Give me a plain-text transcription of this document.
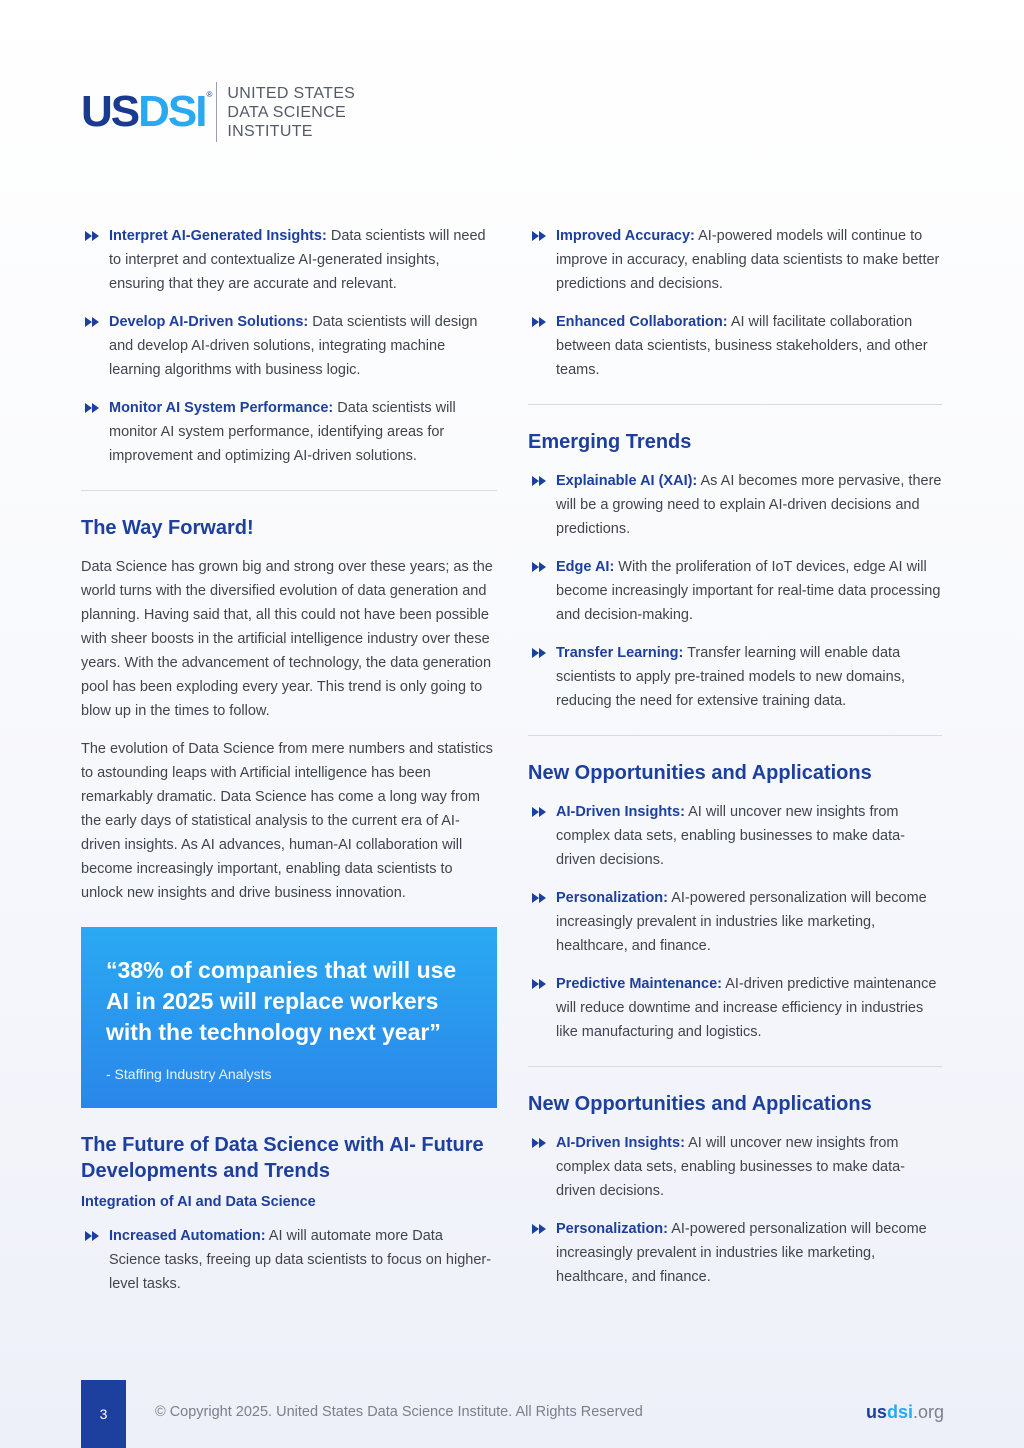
US DSI ® UNITED STATES
DATA SCIENCE
INSTITUTE
Interpret AI-Generated Insights: Data scientists will need to interpret and contextualize AI-generated insights, ensuring that they are accurate and relevant.
Develop AI-Driven Solutions: Data scientists will design and develop AI-driven solutions, integrating machine learning algorithms with business logic.
Monitor AI System Performance: Data scientists will monitor AI system performance, identifying areas for improvement and optimizing AI-driven solutions.
The Way Forward!

Data Science has grown big and strong over these years; as the world turns with the diversified evolution of data generation and planning. Having said that, all this could not have been possible with sheer boosts in the artificial intelligence industry over these years. With the advancement of technology, the data generation pool has been exploding every year. This trend is only going to blow up in the times to follow.

The evolution of Data Science from mere numbers and statistics to astounding leaps with Artificial intelligence has been remarkably dramatic. Data Science has come a long way from the early days of statistical analysis to the current era of AI-driven insights. As AI advances, human-AI collaboration will become increasingly important, enabling data scientists to unlock new insights and drive business innovation.

“38% of companies that will use AI in 2025 will replace workers with the technology next year”
- Staffing Industry Analysts
The Future of Data Science with AI- Future Developments and Trends
Integration of AI and Data Science
Increased Automation: AI will automate more Data Science tasks, freeing up data scientists to focus on higher-level tasks.
Improved Accuracy: AI-powered models will continue to improve in accuracy, enabling data scientists to make better predictions and decisions.
Enhanced Collaboration: AI will facilitate collaboration between data scientists, business stakeholders, and other teams.
Emerging Trends
Explainable AI (XAI): As AI becomes more pervasive, there will be a growing need to explain AI-driven decisions and predictions.
Edge AI: With the proliferation of IoT devices, edge AI will become increasingly important for real-time data processing and decision-making.
Transfer Learning: Transfer learning will enable data scientists to apply pre-trained models to new domains, reducing the need for extensive training data.
New Opportunities and Applications
AI-Driven Insights: AI will uncover new insights from complex data sets, enabling businesses to make data-driven decisions.
Personalization: AI-powered personalization will become increasingly prevalent in industries like marketing, healthcare, and finance.
Predictive Maintenance: AI-driven predictive maintenance will reduce downtime and increase efficiency in industries like manufacturing and logistics.
New Opportunities and Applications
AI-Driven Insights: AI will uncover new insights from complex data sets, enabling businesses to make data-driven decisions.
Personalization: AI-powered personalization will become increasingly prevalent in industries like marketing, healthcare, and finance.
3	© Copyright 2025. United States Data Science Institute. All Rights Reserved	usdsi.org
